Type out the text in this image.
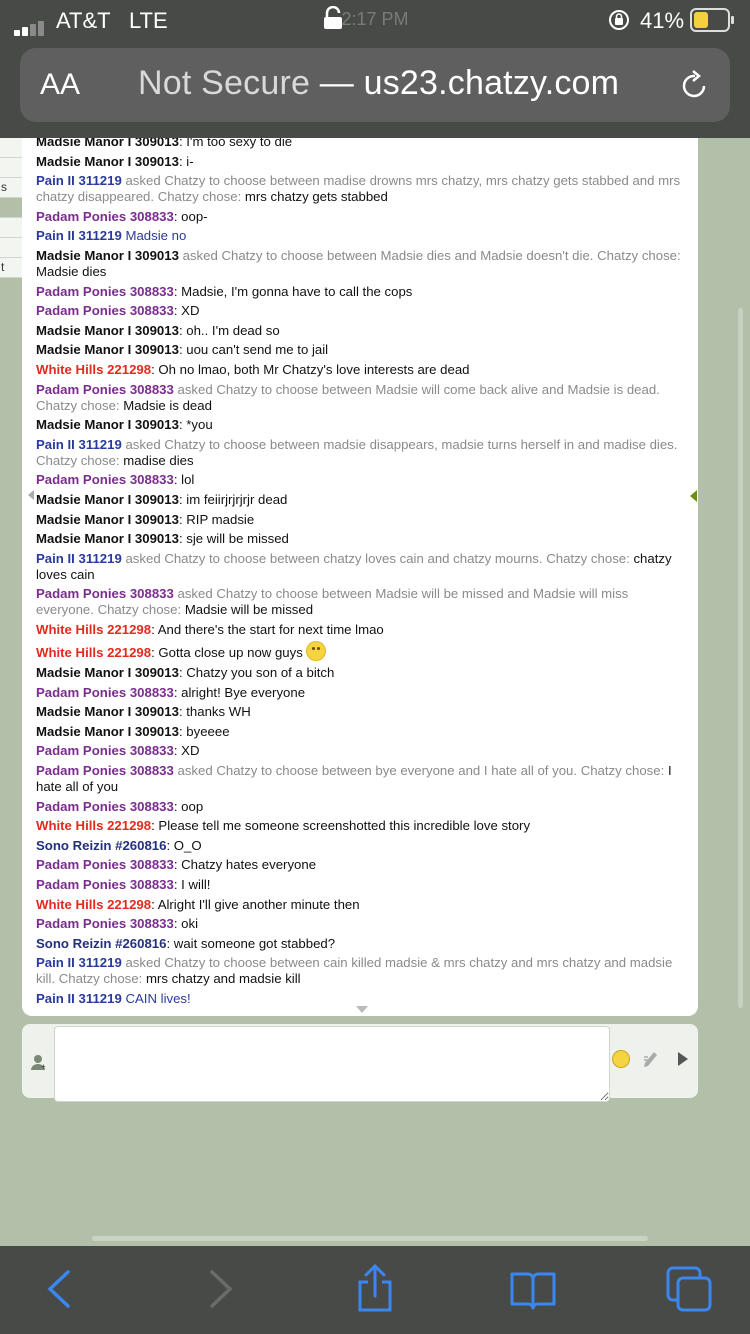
AT&T LTE	2:17 PM	41%
AA Not Secure — us23.chatzy.com
s
t
Madsie Manor I 309013: I'm too sexy to die
Madsie Manor I 309013: i-
Pain II 311219 asked Chatzy to choose between madise drowns mrs chatzy, mrs chatzy gets stabbed and mrs chatzy disappeared. Chatzy chose: mrs chatzy gets stabbed
Padam Ponies 308833: oop-
Pain II 311219 Madsie no
Madsie Manor I 309013 asked Chatzy to choose between Madsie dies and Madsie doesn't die. Chatzy chose: Madsie dies
Padam Ponies 308833: Madsie, I'm gonna have to call the cops
Padam Ponies 308833: XD
Madsie Manor I 309013: oh.. I'm dead so
Madsie Manor I 309013: uou can't send me to jail
White Hills 221298: Oh no lmao, both Mr Chatzy's love interests are dead
Padam Ponies 308833 asked Chatzy to choose between Madsie will come back alive and Madsie is dead. Chatzy chose: Madsie is dead
Madsie Manor I 309013: *you
Pain II 311219 asked Chatzy to choose between madsie disappears, madsie turns herself in and madise dies. Chatzy chose: madise dies
Padam Ponies 308833: lol
Madsie Manor I 309013: im feiirjrjrjrjr dead
Madsie Manor I 309013: RIP madsie
Madsie Manor I 309013: sje will be missed
Pain II 311219 asked Chatzy to choose between chatzy loves cain and chatzy mourns. Chatzy chose: chatzy loves cain
Padam Ponies 308833 asked Chatzy to choose between Madsie will be missed and Madsie will miss everyone. Chatzy chose: Madsie will be missed
White Hills 221298: And there's the start for next time lmao
White Hills 221298: Gotta close up now guys
Madsie Manor I 309013: Chatzy you son of a bitch
Padam Ponies 308833: alright! Bye everyone
Madsie Manor I 309013: thanks WH
Madsie Manor I 309013: byeeee
Padam Ponies 308833: XD
Padam Ponies 308833 asked Chatzy to choose between bye everyone and I hate all of you. Chatzy chose: I hate all of you
Padam Ponies 308833: oop
White Hills 221298: Please tell me someone screenshotted this incredible love story
Sono Reizin #260816: O_O
Padam Ponies 308833: Chatzy hates everyone
Padam Ponies 308833: I will!
White Hills 221298: Alright I'll give another minute then
Padam Ponies 308833: oki
Sono Reizin #260816: wait someone got stabbed?
Pain II 311219 asked Chatzy to choose between cain killed madsie & mrs chatzy and mrs chatzy and madsie kill. Chatzy chose: mrs chatzy and madsie kill
Pain II 311219 CAIN lives!
+
